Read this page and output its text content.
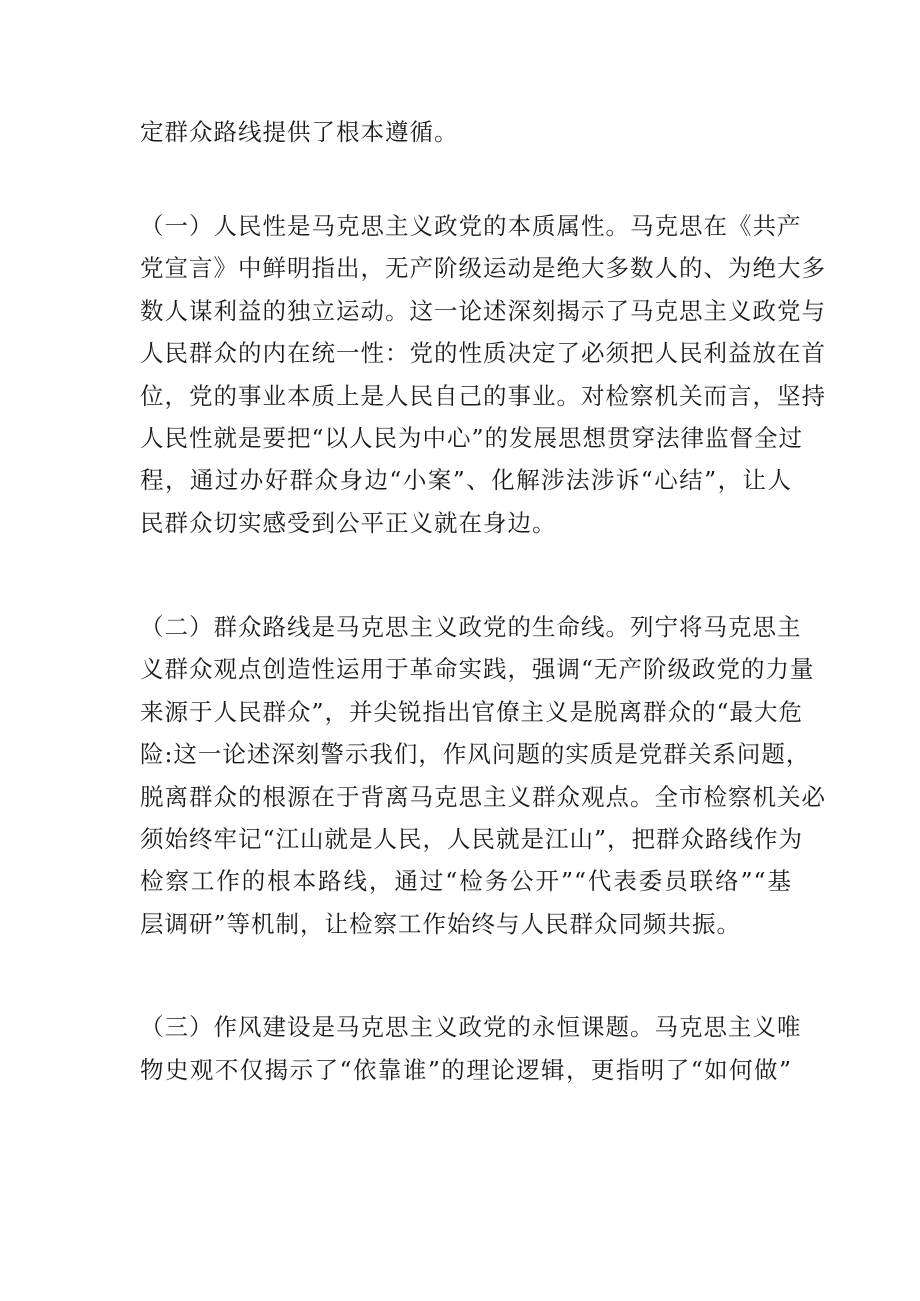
定群众路线提供了根本遵循。
（一）人民性是马克思主义政党的本质属性。马克思在《共产
党宣言》中鲜明指出，无产阶级运动是绝大多数人的、为绝大多
数人谋利益的独立运动。这一论述深刻揭示了马克思主义政党与
人民群众的内在统一性：党的性质决定了必须把人民利益放在首
位，党的事业本质上是人民自己的事业。对检察机关而言，坚持
人民性就是要把“以人民为中心”的发展思想贯穿法律监督全过
程，通过办好群众身边“小案”、化解涉法涉诉“心结”，让人
民群众切实感受到公平正义就在身边。
（二）群众路线是马克思主义政党的生命线。列宁将马克思主
义群众观点创造性运用于革命实践，强调“无产阶级政党的力量
来源于人民群众”，并尖锐指出官僚主义是脱离群众的“最大危
险:这一论述深刻警示我们，作风问题的实质是党群关系问题，
脱离群众的根源在于背离马克思主义群众观点。全市检察机关必
须始终牢记“江山就是人民，人民就是江山”，把群众路线作为
检察工作的根本路线，通过“检务公开”“代表委员联络”“基
层调研”等机制，让检察工作始终与人民群众同频共振。
（三）作风建设是马克思主义政党的永恒课题。马克思主义唯
物史观不仅揭示了“依靠谁”的理论逻辑，更指明了“如何做”
